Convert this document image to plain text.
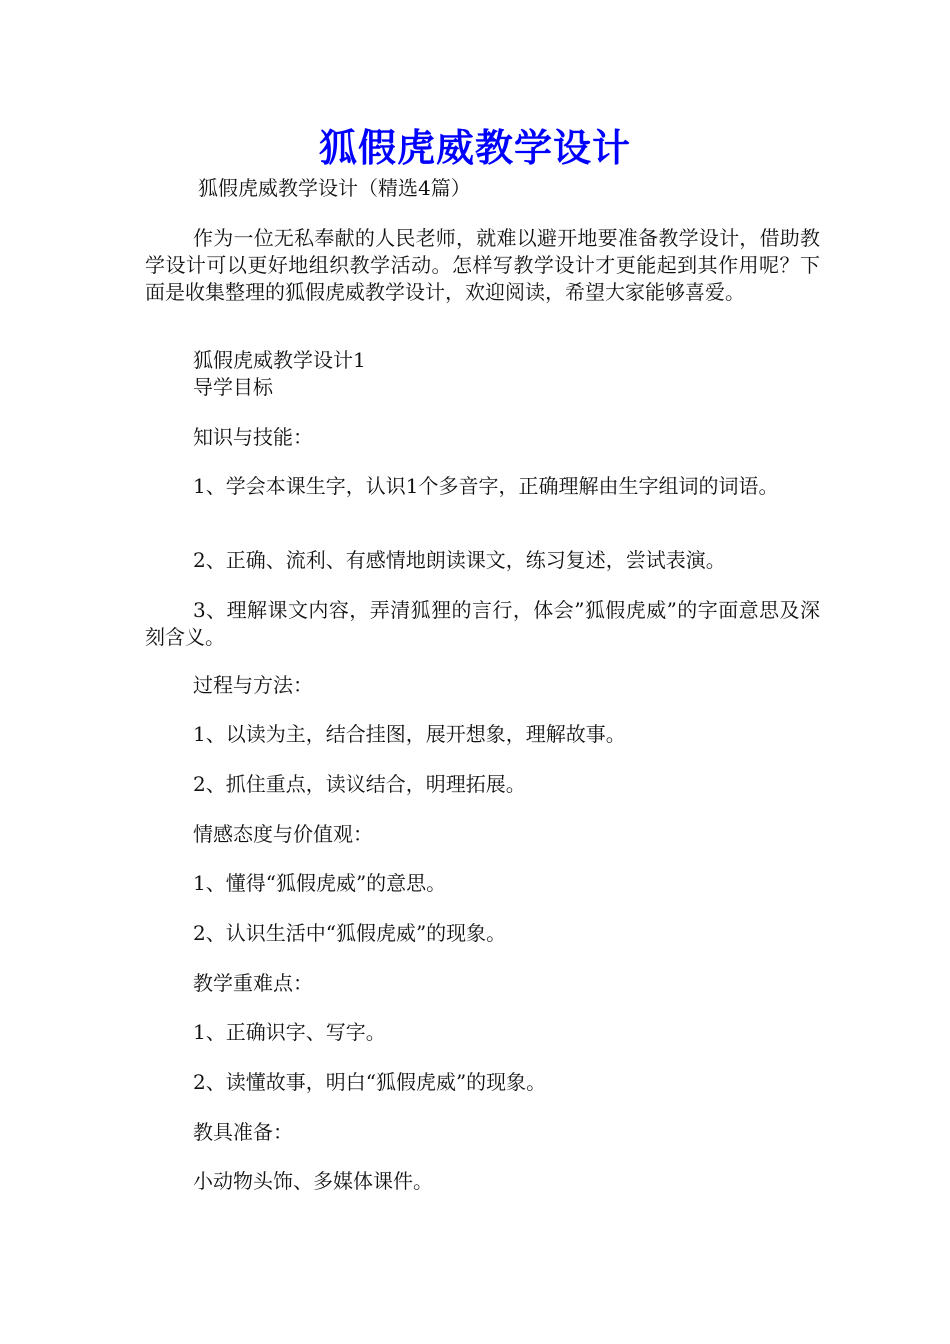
狐假虎威教学设计
狐假虎威教学设计（精选4篇）
作为一位无私奉献的人民老师，就难以避开地要准备教学设计，借助教学设计可以更好地组织教学活动。怎样写教学设计才更能起到其作用呢？下面是收集整理的狐假虎威教学设计，欢迎阅读，希望大家能够喜爱。
狐假虎威教学设计1
导学目标
知识与技能：
1、学会本课生字，认识1个多音字，正确理解由生字组词的词语。
2、正确、流利、有感情地朗读课文，练习复述，尝试表演。
3、理解课文内容，弄清狐狸的言行，体会”狐假虎威”的字面意思及深刻含义。
过程与方法：
1、以读为主，结合挂图，展开想象，理解故事。
2、抓住重点，读议结合，明理拓展。
情感态度与价值观：
1、懂得“狐假虎威”的意思。
2、认识生活中“狐假虎威”的现象。
教学重难点：
1、正确识字、写字。
2、读懂故事，明白“狐假虎威”的现象。
教具准备：
小动物头饰、多媒体课件。
